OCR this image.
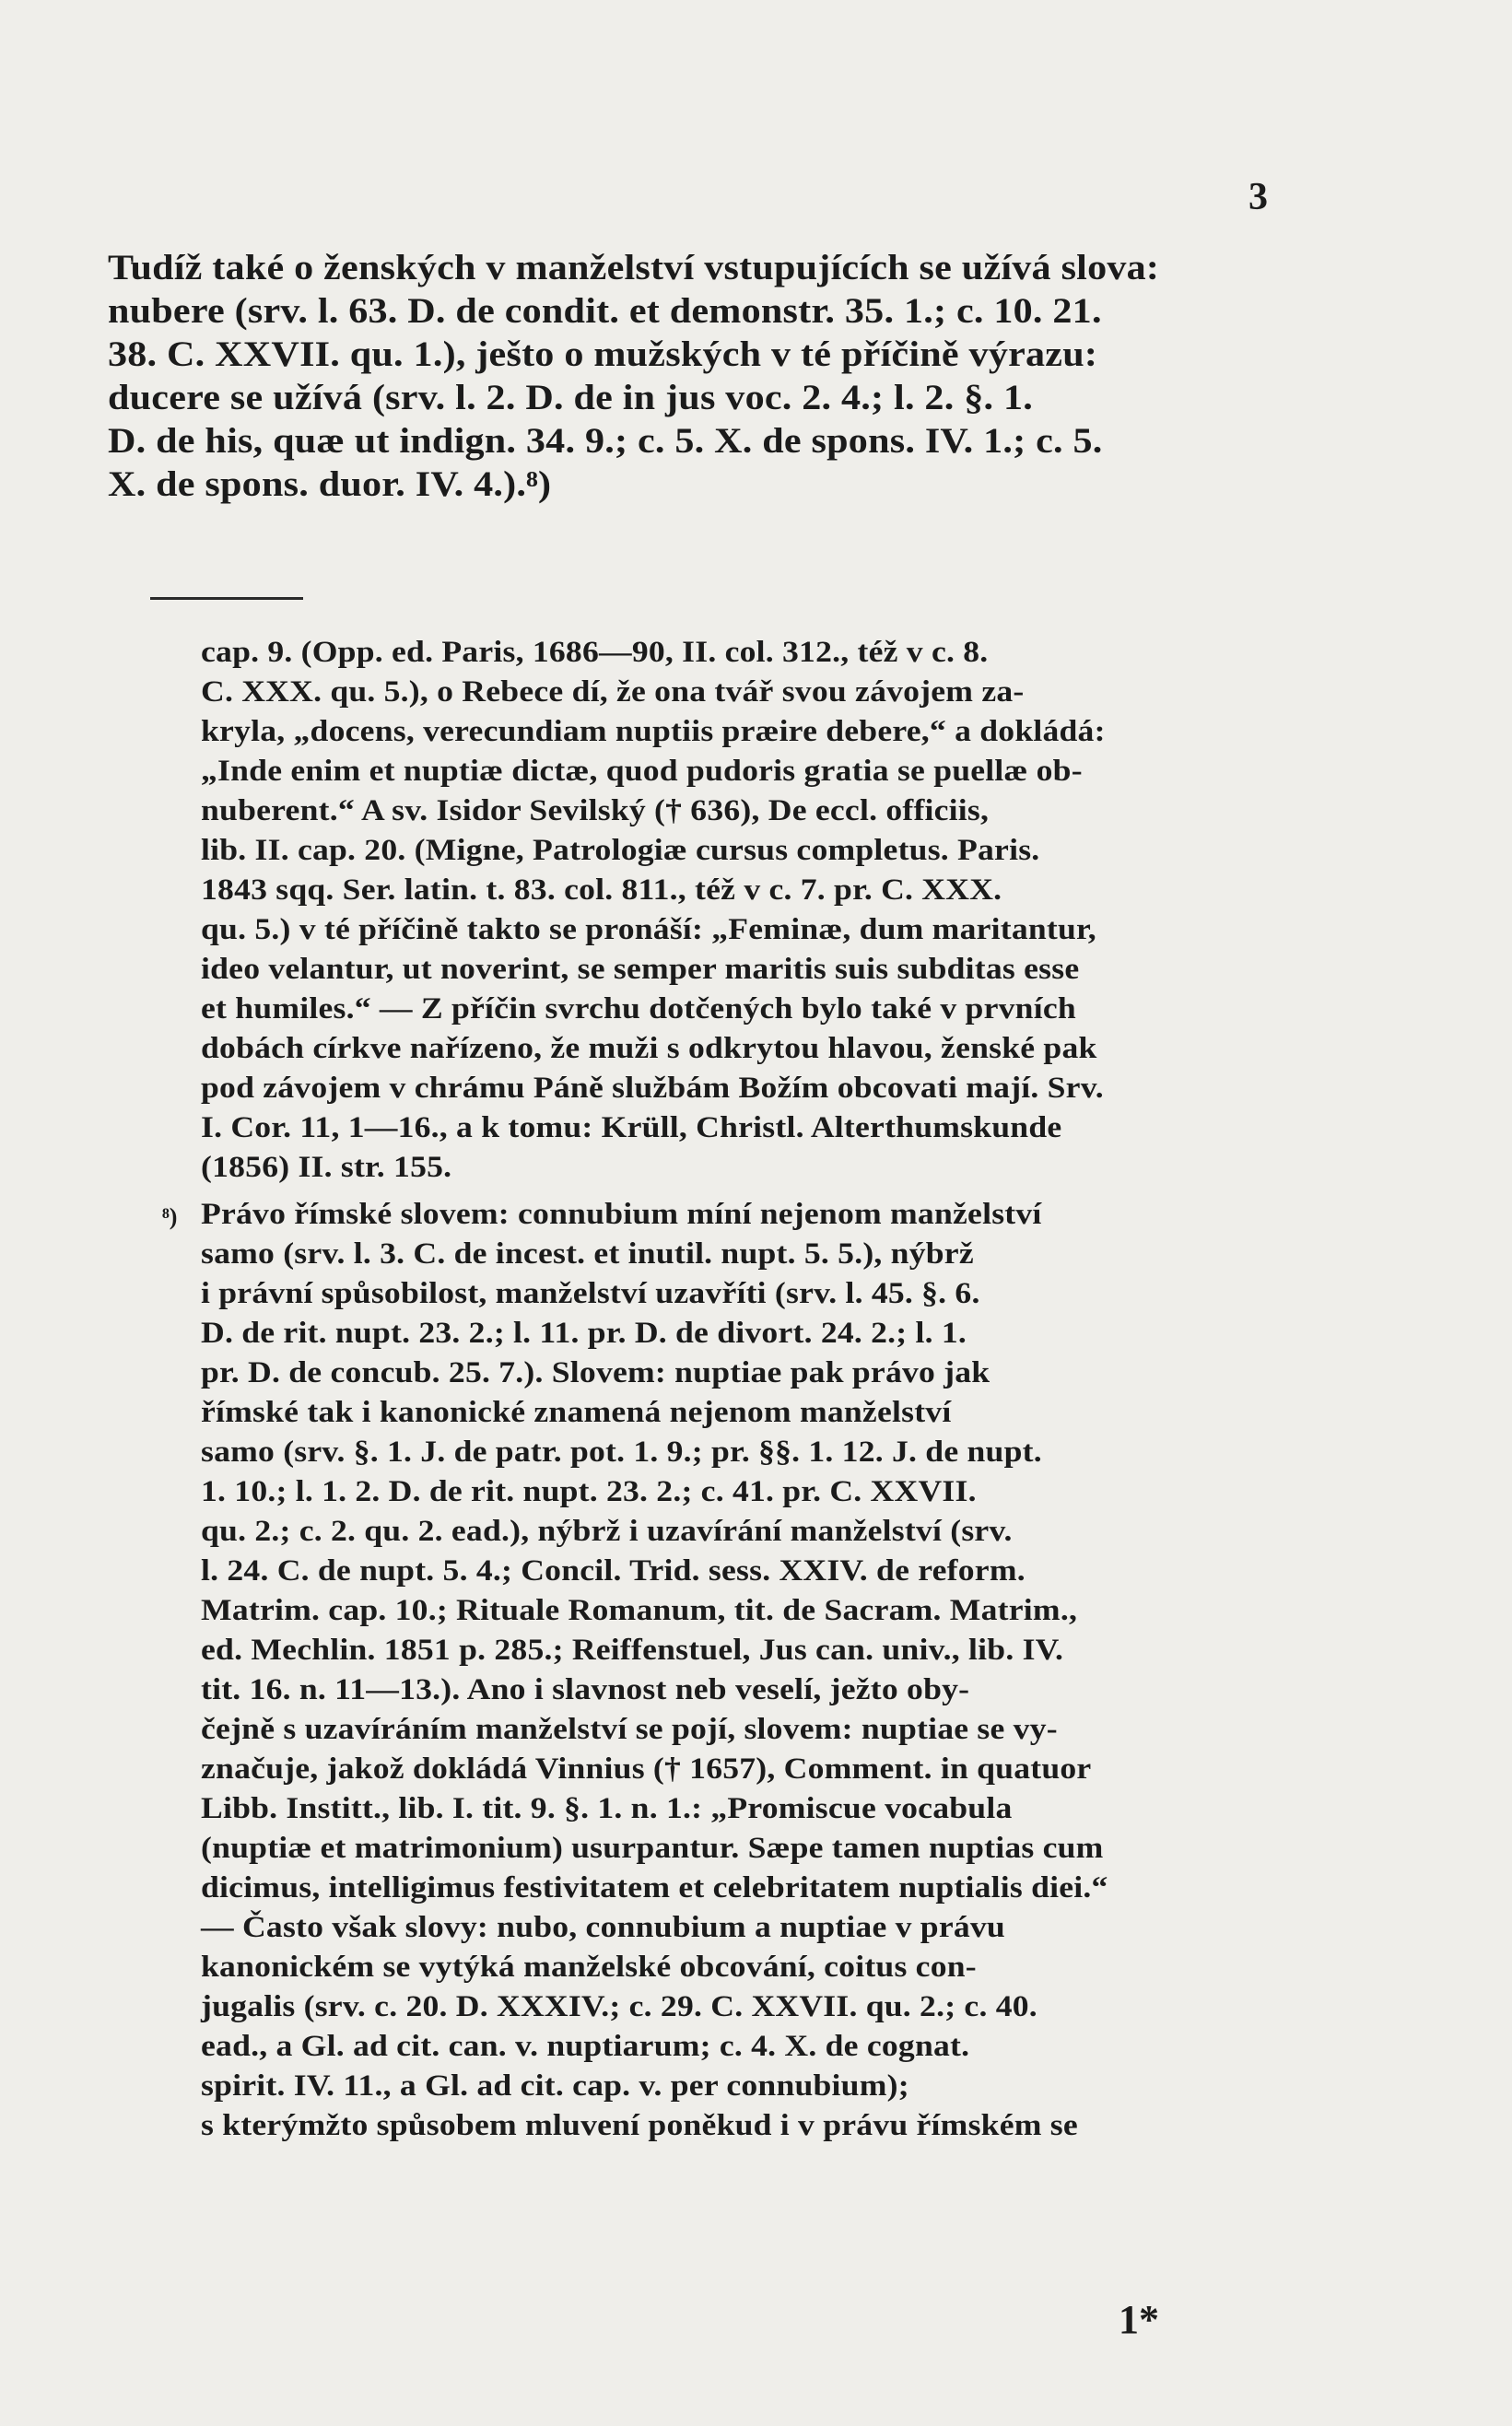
3
Tudíž také o ženských v manželství vstupujících se užívá slova:
nubere (srv. l. 63. D. de condit. et demonstr. 35. 1.; c. 10. 21.
38. C. XXVII. qu. 1.), ješto o mužských v té příčině výrazu:
ducere se užívá (srv. l. 2. D. de in jus voc. 2. 4.; l. 2. §. 1.
D. de his, quæ ut indign. 34. 9.; c. 5. X. de spons. IV. 1.; c. 5.
X. de spons. duor. IV. 4.).⁸)
cap. 9. (Opp. ed. Paris, 1686—90, II. col. 312., též v c. 8.
C. XXX. qu. 5.), o Rebece dí, že ona tvář svou závojem za-
kryla, „docens, verecundiam nuptiis præire debere,“ a dokládá:
„Inde enim et nuptiæ dictæ, quod pudoris gratia se puellæ ob-
nuberent.“ A sv. Isidor Sevilský († 636), De eccl. officiis,
lib. II. cap. 20. (Migne, Patrologiæ cursus completus. Paris.
1843 sqq. Ser. latin. t. 83. col. 811., též v c. 7. pr. C. XXX.
qu. 5.) v té příčině takto se pronáší: „Feminæ, dum maritantur,
ideo velantur, ut noverint, se semper maritis suis subditas esse
et humiles.“ — Z příčin svrchu dotčených bylo také v prvních
dobách církve nařízeno, že muži s odkrytou hlavou, ženské pak
pod závojem v chrámu Páně službám Božím obcovati mají. Srv.
I. Cor. 11, 1—16., a k tomu: Krüll, Christl. Alterthumskunde
(1856) II. str. 155.
⁸) Právo římské slovem: connubium míní nejenom manželství
samo (srv. l. 3. C. de incest. et inutil. nupt. 5. 5.), nýbrž
i právní spůsobilost, manželství uzavříti (srv. l. 45. §. 6.
D. de rit. nupt. 23. 2.; l. 11. pr. D. de divort. 24. 2.; l. 1.
pr. D. de concub. 25. 7.). Slovem: nuptiae pak právo jak
římské tak i kanonické znamená nejenom manželství
samo (srv. §. 1. J. de patr. pot. 1. 9.; pr. §§. 1. 12. J. de nupt.
1. 10.; l. 1. 2. D. de rit. nupt. 23. 2.; c. 41. pr. C. XXVII.
qu. 2.; c. 2. qu. 2. ead.), nýbrž i uzavírání manželství (srv.
l. 24. C. de nupt. 5. 4.; Concil. Trid. sess. XXIV. de reform.
Matrim. cap. 10.; Rituale Romanum, tit. de Sacram. Matrim.,
ed. Mechlin. 1851 p. 285.; Reiffenstuel, Jus can. univ., lib. IV.
tit. 16. n. 11—13.). Ano i slavnost neb veselí, ježto oby-
čejně s uzavíráním manželství se pojí, slovem: nuptiae se vy-
značuje, jakož dokládá Vinnius († 1657), Comment. in quatuor
Libb. Institt., lib. I. tit. 9. §. 1. n. 1.: „Promiscue vocabula
(nuptiæ et matrimonium) usurpantur. Sæpe tamen nuptias cum
dicimus, intelligimus festivitatem et celebritatem nuptialis diei.“
— Často však slovy: nubo, connubium a nuptiae v právu
kanonickém se vytýká manželské obcování, coitus con-
jugalis (srv. c. 20. D. XXXIV.; c. 29. C. XXVII. qu. 2.; c. 40.
ead., a Gl. ad cit. can. v. nuptiarum; c. 4. X. de cognat.
spirit. IV. 11., a Gl. ad cit. cap. v. per connubium);
s kterýmžto spůsobem mluvení poněkud i v právu římském se
1*
